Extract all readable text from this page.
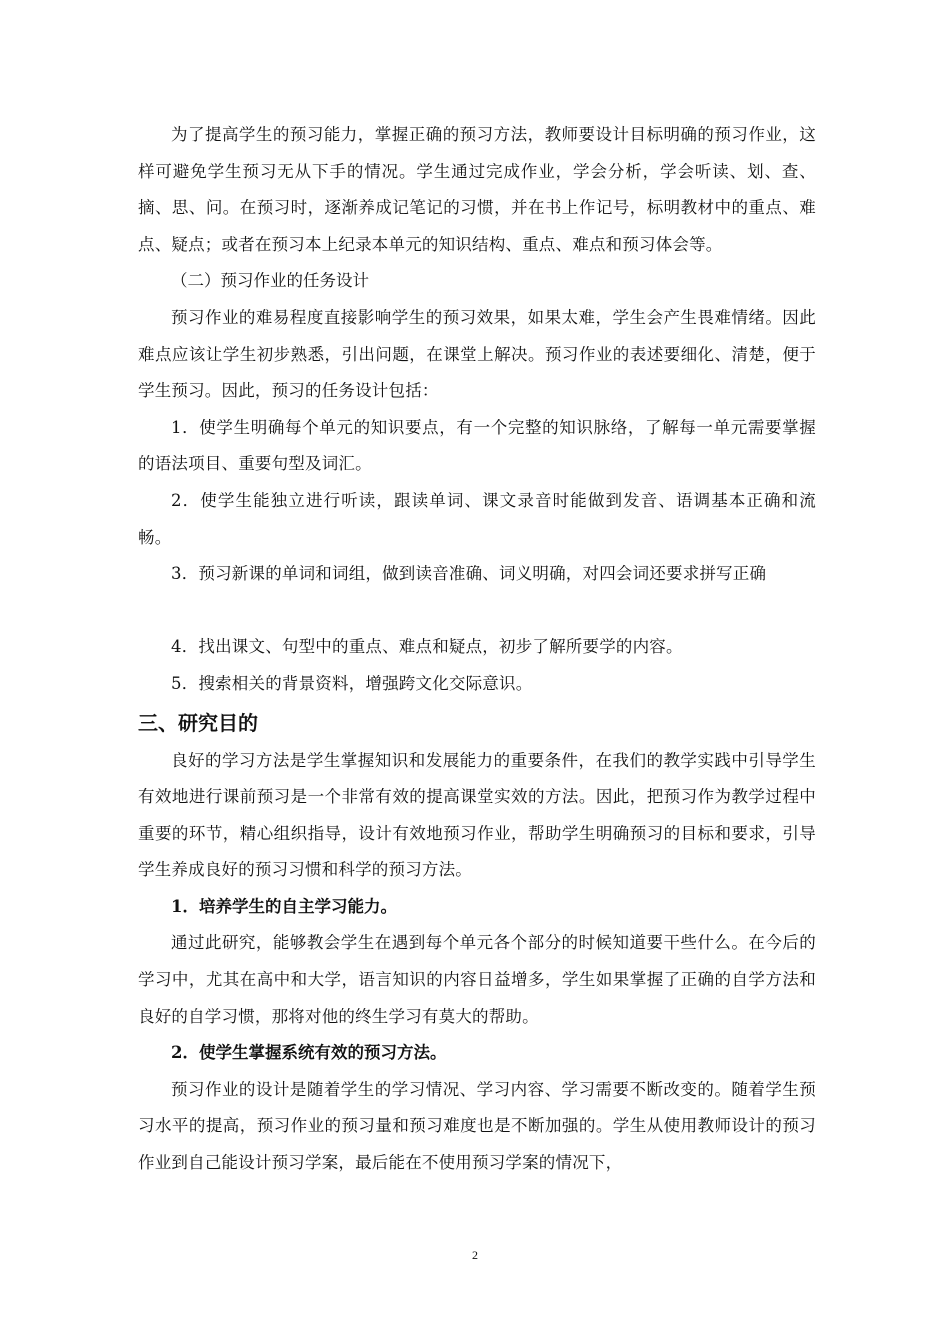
为了提高学生的预习能力，掌握正确的预习方法，教师要设计目标明确的预习作业，这样可避免学生预习无从下手的情况。学生通过完成作业，学会分析，学会听读、划、查、摘、思、问。在预习时，逐渐养成记笔记的习惯，并在书上作记号，标明教材中的重点、难点、疑点；或者在预习本上纪录本单元的知识结构、重点、难点和预习体会等。

（二）预习作业的任务设计

预习作业的难易程度直接影响学生的预习效果，如果太难，学生会产生畏难情绪。因此难点应该让学生初步熟悉，引出问题，在课堂上解决。预习作业的表述要细化、清楚，便于学生预习。因此，预习的任务设计包括：

1．使学生明确每个单元的知识要点，有一个完整的知识脉络，了解每一单元需要掌握的语法项目、重要句型及词汇。

2．使学生能独立进行听读，跟读单词、课文录音时能做到发音、语调基本正确和流畅。

3．预习新课的单词和词组，做到读音准确、词义明确，对四会词还要求拼写正确

4．找出课文、句型中的重点、难点和疑点，初步了解所要学的内容。

5．搜索相关的背景资料，增强跨文化交际意识。

三、研究目的

良好的学习方法是学生掌握知识和发展能力的重要条件，在我们的教学实践中引导学生有效地进行课前预习是一个非常有效的提高课堂实效的方法。因此，把预习作为教学过程中重要的环节，精心组织指导，设计有效地预习作业，帮助学生明确预习的目标和要求，引导学生养成良好的预习习惯和科学的预习方法。

1．培养学生的自主学习能力。

通过此研究，能够教会学生在遇到每个单元各个部分的时候知道要干些什么。在今后的学习中，尤其在高中和大学，语言知识的内容日益增多，学生如果掌握了正确的自学方法和良好的自学习惯，那将对他的终生学习有莫大的帮助。

2．使学生掌握系统有效的预习方法。

预习作业的设计是随着学生的学习情况、学习内容、学习需要不断改变的。随着学生预习水平的提高，预习作业的预习量和预习难度也是不断加强的。学生从使用教师设计的预习作业到自己能设计预习学案，最后能在不使用预习学案的情况下，

2
